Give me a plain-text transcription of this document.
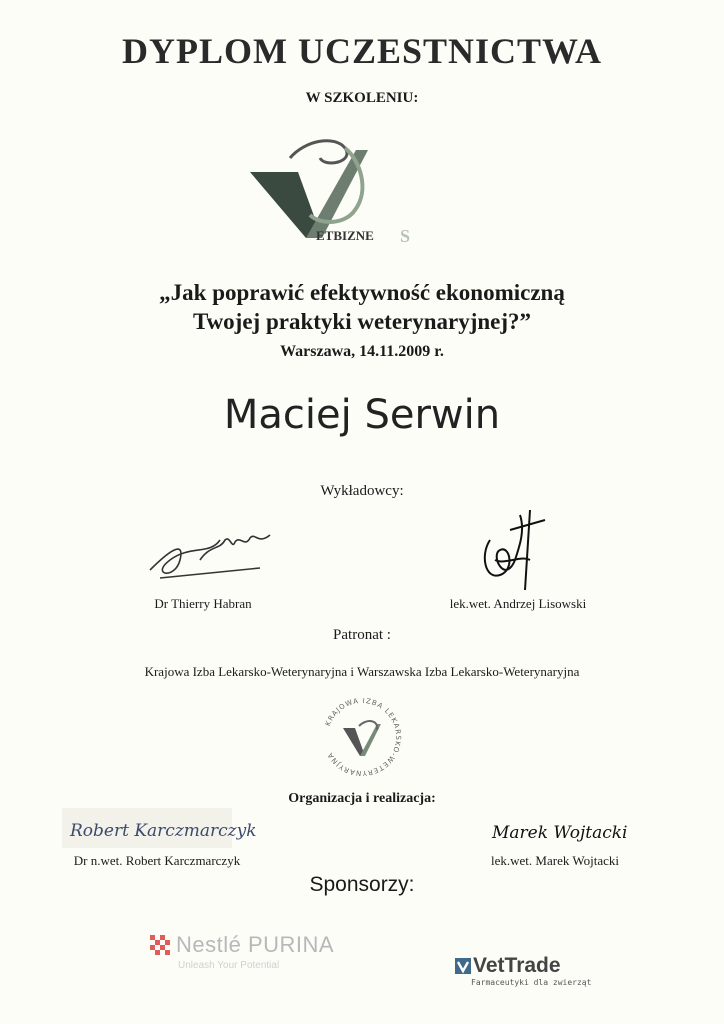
DYPLOM UCZESTNICTWA
W SZKOLENIU:
ETBIZNE S
„Jak poprawić efektywność ekonomiczną
Twojej praktyki weterynaryjnej?”
Warszawa, 14.11.2009 r.
Maciej Serwin
Wykładowcy:
Dr Thierry Habran	lek.wet. Andrzej Lisowski
Patronat :
Krajowa Izba Lekarsko-Weterynaryjna i Warszawska Izba Lekarsko-Weterynaryjna
KRAJOWA IZBA LEKARSKO-WETERYNARYJNA
Organizacja i realizacja:
Robert Karczmarczyk	Marek Wojtacki
Dr n.wet. Robert Karczmarczyk	lek.wet. Marek Wojtacki
Sponsorzy:
Nestlé PURINA
Unleash Your Potential	VetTrade
Farmaceutyki dla zwierząt
